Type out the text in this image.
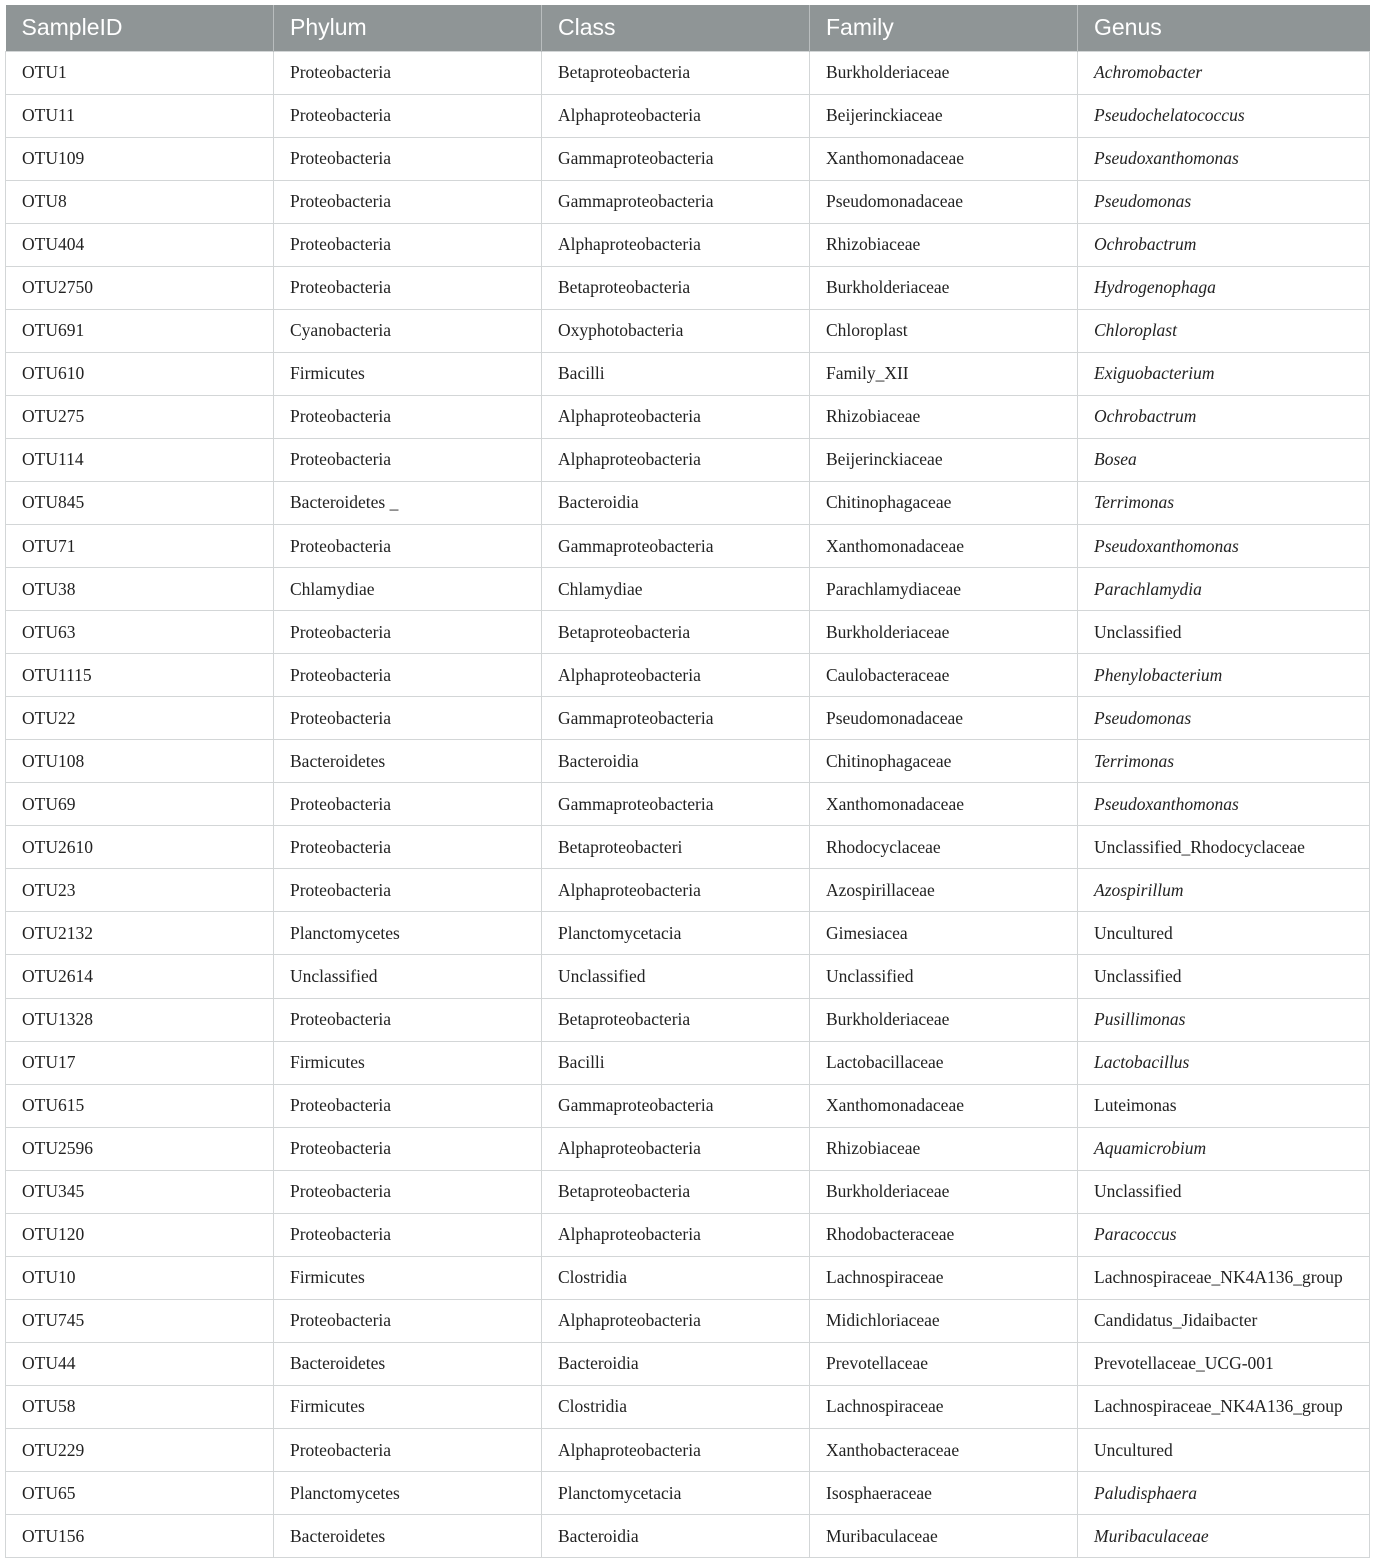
SampleID	Phylum	Class	Family	Genus
OTU1	Proteobacteria	Betaproteobacteria	Burkholderiaceae	Achromobacter
OTU11	Proteobacteria	Alphaproteobacteria	Beijerinckiaceae	Pseudochelatococcus
OTU109	Proteobacteria	Gammaproteobacteria	Xanthomonadaceae	Pseudoxanthomonas
OTU8	Proteobacteria	Gammaproteobacteria	Pseudomonadaceae	Pseudomonas
OTU404	Proteobacteria	Alphaproteobacteria	Rhizobiaceae	Ochrobactrum
OTU2750	Proteobacteria	Betaproteobacteria	Burkholderiaceae	Hydrogenophaga
OTU691	Cyanobacteria	Oxyphotobacteria	Chloroplast	Chloroplast
OTU610	Firmicutes	Bacilli	Family_XII	Exiguobacterium
OTU275	Proteobacteria	Alphaproteobacteria	Rhizobiaceae	Ochrobactrum
OTU114	Proteobacteria	Alphaproteobacteria	Beijerinckiaceae	Bosea
OTU845	Bacteroidetes _	Bacteroidia	Chitinophagaceae	Terrimonas
OTU71	Proteobacteria	Gammaproteobacteria	Xanthomonadaceae	Pseudoxanthomonas
OTU38	Chlamydiae	Chlamydiae	Parachlamydiaceae	Parachlamydia
OTU63	Proteobacteria	Betaproteobacteria	Burkholderiaceae	Unclassified
OTU1115	Proteobacteria	Alphaproteobacteria	Caulobacteraceae	Phenylobacterium
OTU22	Proteobacteria	Gammaproteobacteria	Pseudomonadaceae	Pseudomonas
OTU108	Bacteroidetes	Bacteroidia	Chitinophagaceae	Terrimonas
OTU69	Proteobacteria	Gammaproteobacteria	Xanthomonadaceae	Pseudoxanthomonas
OTU2610	Proteobacteria	Betaproteobacteri	Rhodocyclaceae	Unclassified_Rhodocyclaceae
OTU23	Proteobacteria	Alphaproteobacteria	Azospirillaceae	Azospirillum
OTU2132	Planctomycetes	Planctomycetacia	Gimesiacea	Uncultured
OTU2614	Unclassified	Unclassified	Unclassified	Unclassified
OTU1328	Proteobacteria	Betaproteobacteria	Burkholderiaceae	Pusillimonas
OTU17	Firmicutes	Bacilli	Lactobacillaceae	Lactobacillus
OTU615	Proteobacteria	Gammaproteobacteria	Xanthomonadaceae	Luteimonas
OTU2596	Proteobacteria	Alphaproteobacteria	Rhizobiaceae	Aquamicrobium
OTU345	Proteobacteria	Betaproteobacteria	Burkholderiaceae	Unclassified
OTU120	Proteobacteria	Alphaproteobacteria	Rhodobacteraceae	Paracoccus
OTU10	Firmicutes	Clostridia	Lachnospiraceae	Lachnospiraceae_NK4A136_group
OTU745	Proteobacteria	Alphaproteobacteria	Midichloriaceae	Candidatus_Jidaibacter
OTU44	Bacteroidetes	Bacteroidia	Prevotellaceae	Prevotellaceae_UCG-001
OTU58	Firmicutes	Clostridia	Lachnospiraceae	Lachnospiraceae_NK4A136_group
OTU229	Proteobacteria	Alphaproteobacteria	Xanthobacteraceae	Uncultured
OTU65	Planctomycetes	Planctomycetacia	Isosphaeraceae	Paludisphaera
OTU156	Bacteroidetes	Bacteroidia	Muribaculaceae	Muribaculaceae
